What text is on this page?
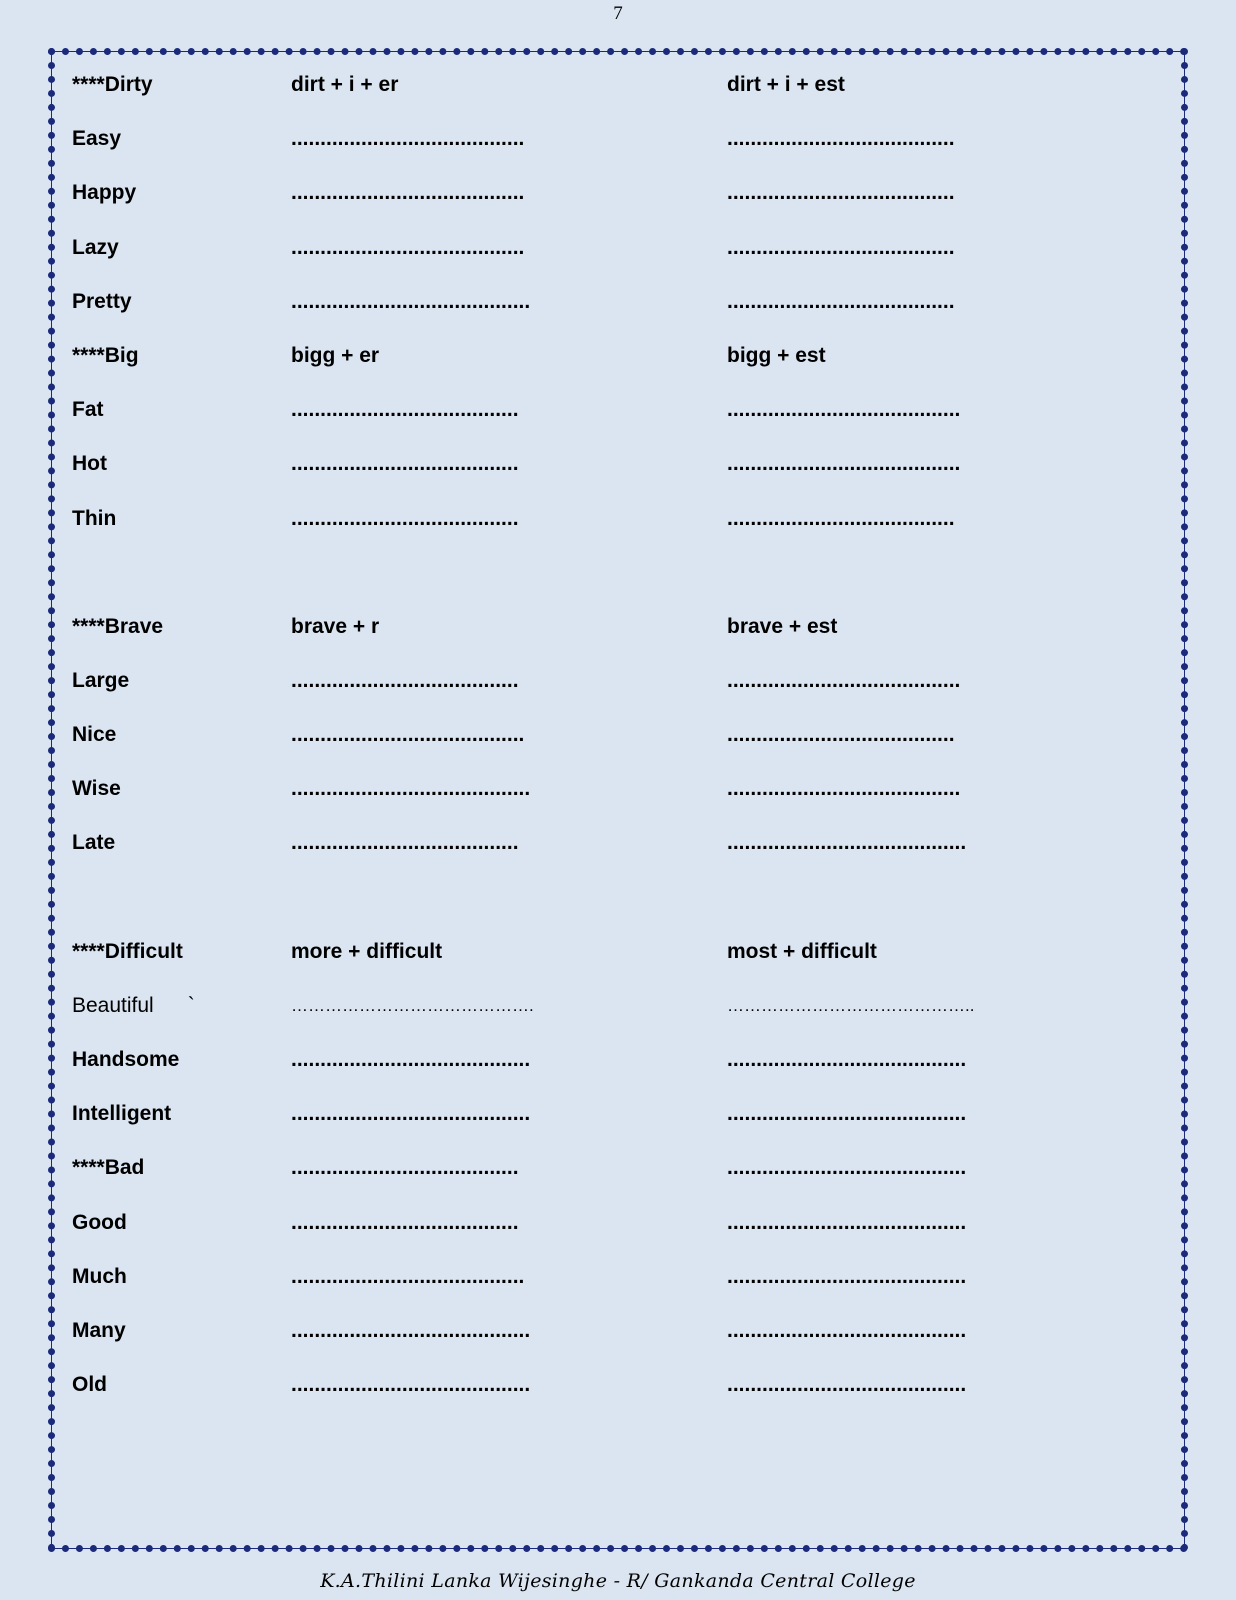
7
****Dirty	dirt + i + er	dirt + i + est
Easy	........................................	.......................................
Happy	........................................	.......................................
Lazy	........................................	.......................................
Pretty	.........................................	.......................................
****Big	bigg + er	bigg + est
Fat	.......................................	........................................
Hot	.......................................	........................................
Thin	.......................................	.......................................
****Brave	brave + r	brave + est
Large	.......................................	........................................
Nice	........................................	.......................................
Wise	.........................................	........................................
Late	.......................................	.........................................
****Difficult	more + difficult	most + difficult
Beautiful `	…………………………………….	……………………………………..
Handsome	.........................................	.........................................
Intelligent	.........................................	.........................................
****Bad	.......................................	.........................................
Good	.......................................	.........................................
Much	........................................	.........................................
Many	.........................................	.........................................
Old	.........................................	.........................................
K.A.Thilini Lanka Wijesinghe - R/ Gankanda Central College
